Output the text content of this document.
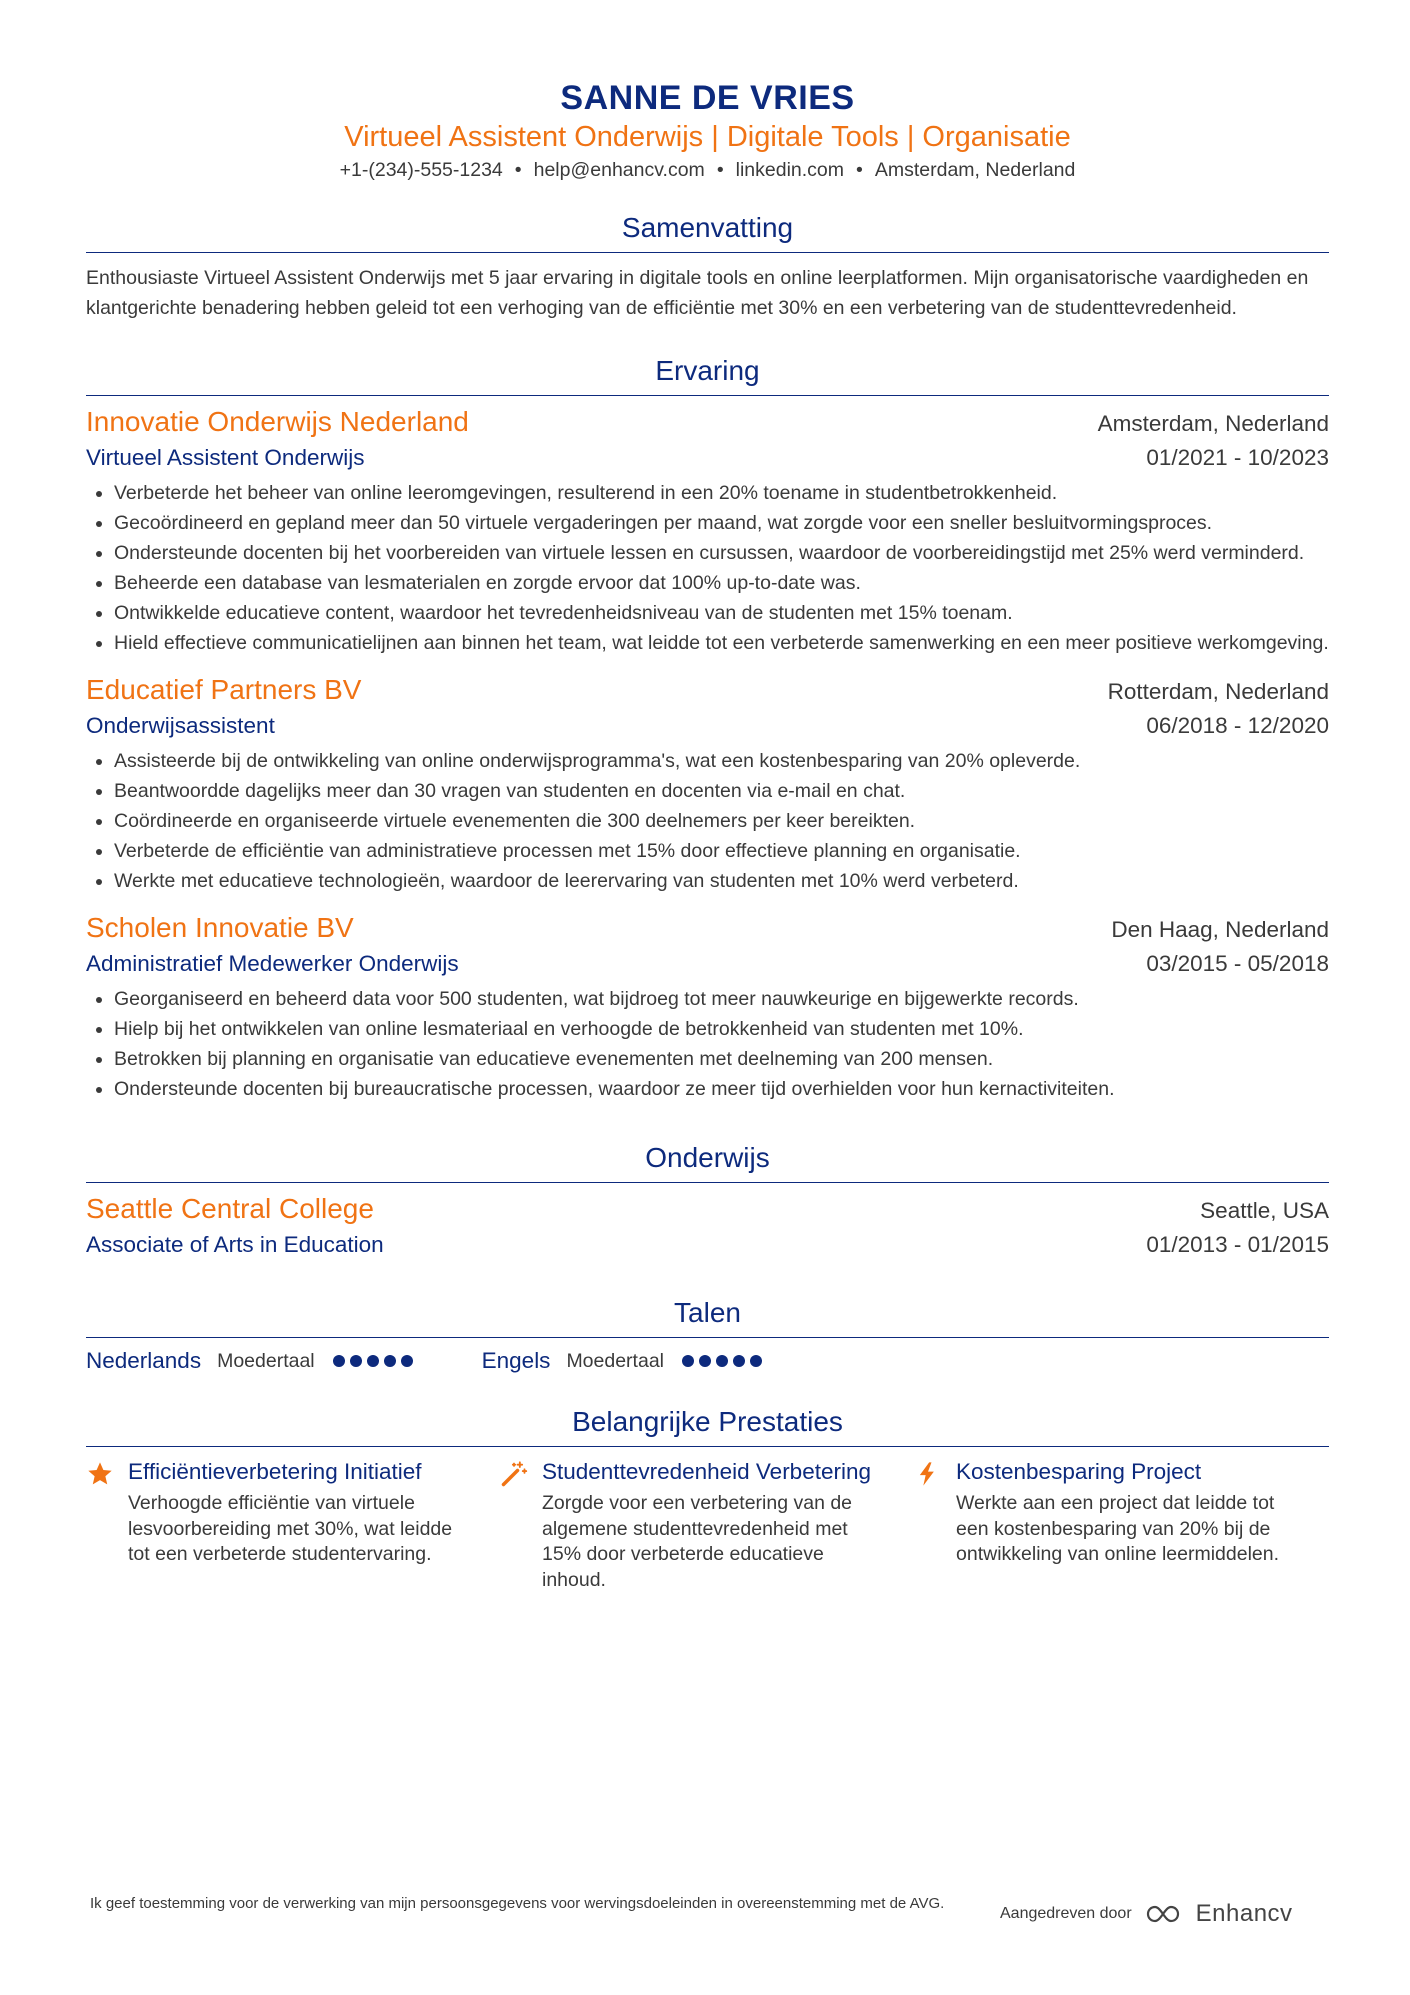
SANNE DE VRIES
Virtueel Assistent Onderwijs | Digitale Tools | Organisatie
+1-(234)-555-1234 • help@enhancv.com • linkedin.com • Amsterdam, Nederland
Samenvatting
Enthousiaste Virtueel Assistent Onderwijs met 5 jaar ervaring in digitale tools en online leerplatformen. Mijn organisatorische vaardigheden en klantgerichte benadering hebben geleid tot een verhoging van de efficiëntie met 30% en een verbetering van de studenttevredenheid.
Ervaring
Innovatie Onderwijs Nederland	Amsterdam, Nederland
Virtueel Assistent Onderwijs	01/2021 - 10/2023
• Verbeterde het beheer van online leeromgevingen, resulterend in een 20% toename in studentbetrokkenheid.
• Gecoördineerd en gepland meer dan 50 virtuele vergaderingen per maand, wat zorgde voor een sneller besluitvormingsproces.
• Ondersteunde docenten bij het voorbereiden van virtuele lessen en cursussen, waardoor de voorbereidingstijd met 25% werd verminderd.
• Beheerde een database van lesmaterialen en zorgde ervoor dat 100% up-to-date was.
• Ontwikkelde educatieve content, waardoor het tevredenheidsniveau van de studenten met 15% toenam.
• Hield effectieve communicatielijnen aan binnen het team, wat leidde tot een verbeterde samenwerking en een meer positieve werkomgeving.
Educatief Partners BV	Rotterdam, Nederland
Onderwijsassistent	06/2018 - 12/2020
• Assisteerde bij de ontwikkeling van online onderwijsprogramma's, wat een kostenbesparing van 20% opleverde.
• Beantwoordde dagelijks meer dan 30 vragen van studenten en docenten via e-mail en chat.
• Coördineerde en organiseerde virtuele evenementen die 300 deelnemers per keer bereikten.
• Verbeterde de efficiëntie van administratieve processen met 15% door effectieve planning en organisatie.
• Werkte met educatieve technologieën, waardoor de leerervaring van studenten met 10% werd verbeterd.
Scholen Innovatie BV	Den Haag, Nederland
Administratief Medewerker Onderwijs	03/2015 - 05/2018
• Georganiseerd en beheerd data voor 500 studenten, wat bijdroeg tot meer nauwkeurige en bijgewerkte records.
• Hielp bij het ontwikkelen van online lesmateriaal en verhoogde de betrokkenheid van studenten met 10%.
• Betrokken bij planning en organisatie van educatieve evenementen met deelneming van 200 mensen.
• Ondersteunde docenten bij bureaucratische processen, waardoor ze meer tijd overhielden voor hun kernactiviteiten.
Onderwijs
Seattle Central College	Seattle, USA
Associate of Arts in Education	01/2013 - 01/2015
Talen
Nederlands Moedertaal	Engels Moedertaal
Belangrijke Prestaties
Efficiëntieverbetering Initiatief
Verhoogde efficiëntie van virtuele lesvoorbereiding met 30%, wat leidde tot een verbeterde studentervaring.
Studenttevredenheid Verbetering
Zorgde voor een verbetering van de algemene studenttevredenheid met 15% door verbeterde educatieve inhoud.
Kostenbesparing Project
Werkte aan een project dat leidde tot een kostenbesparing van 20% bij de ontwikkeling van online leermiddelen.
Ik geef toestemming voor de verwerking van mijn persoonsgegevens voor wervingsdoeleinden in overeenstemming met de AVG.
Aangedreven door	Enhancv
